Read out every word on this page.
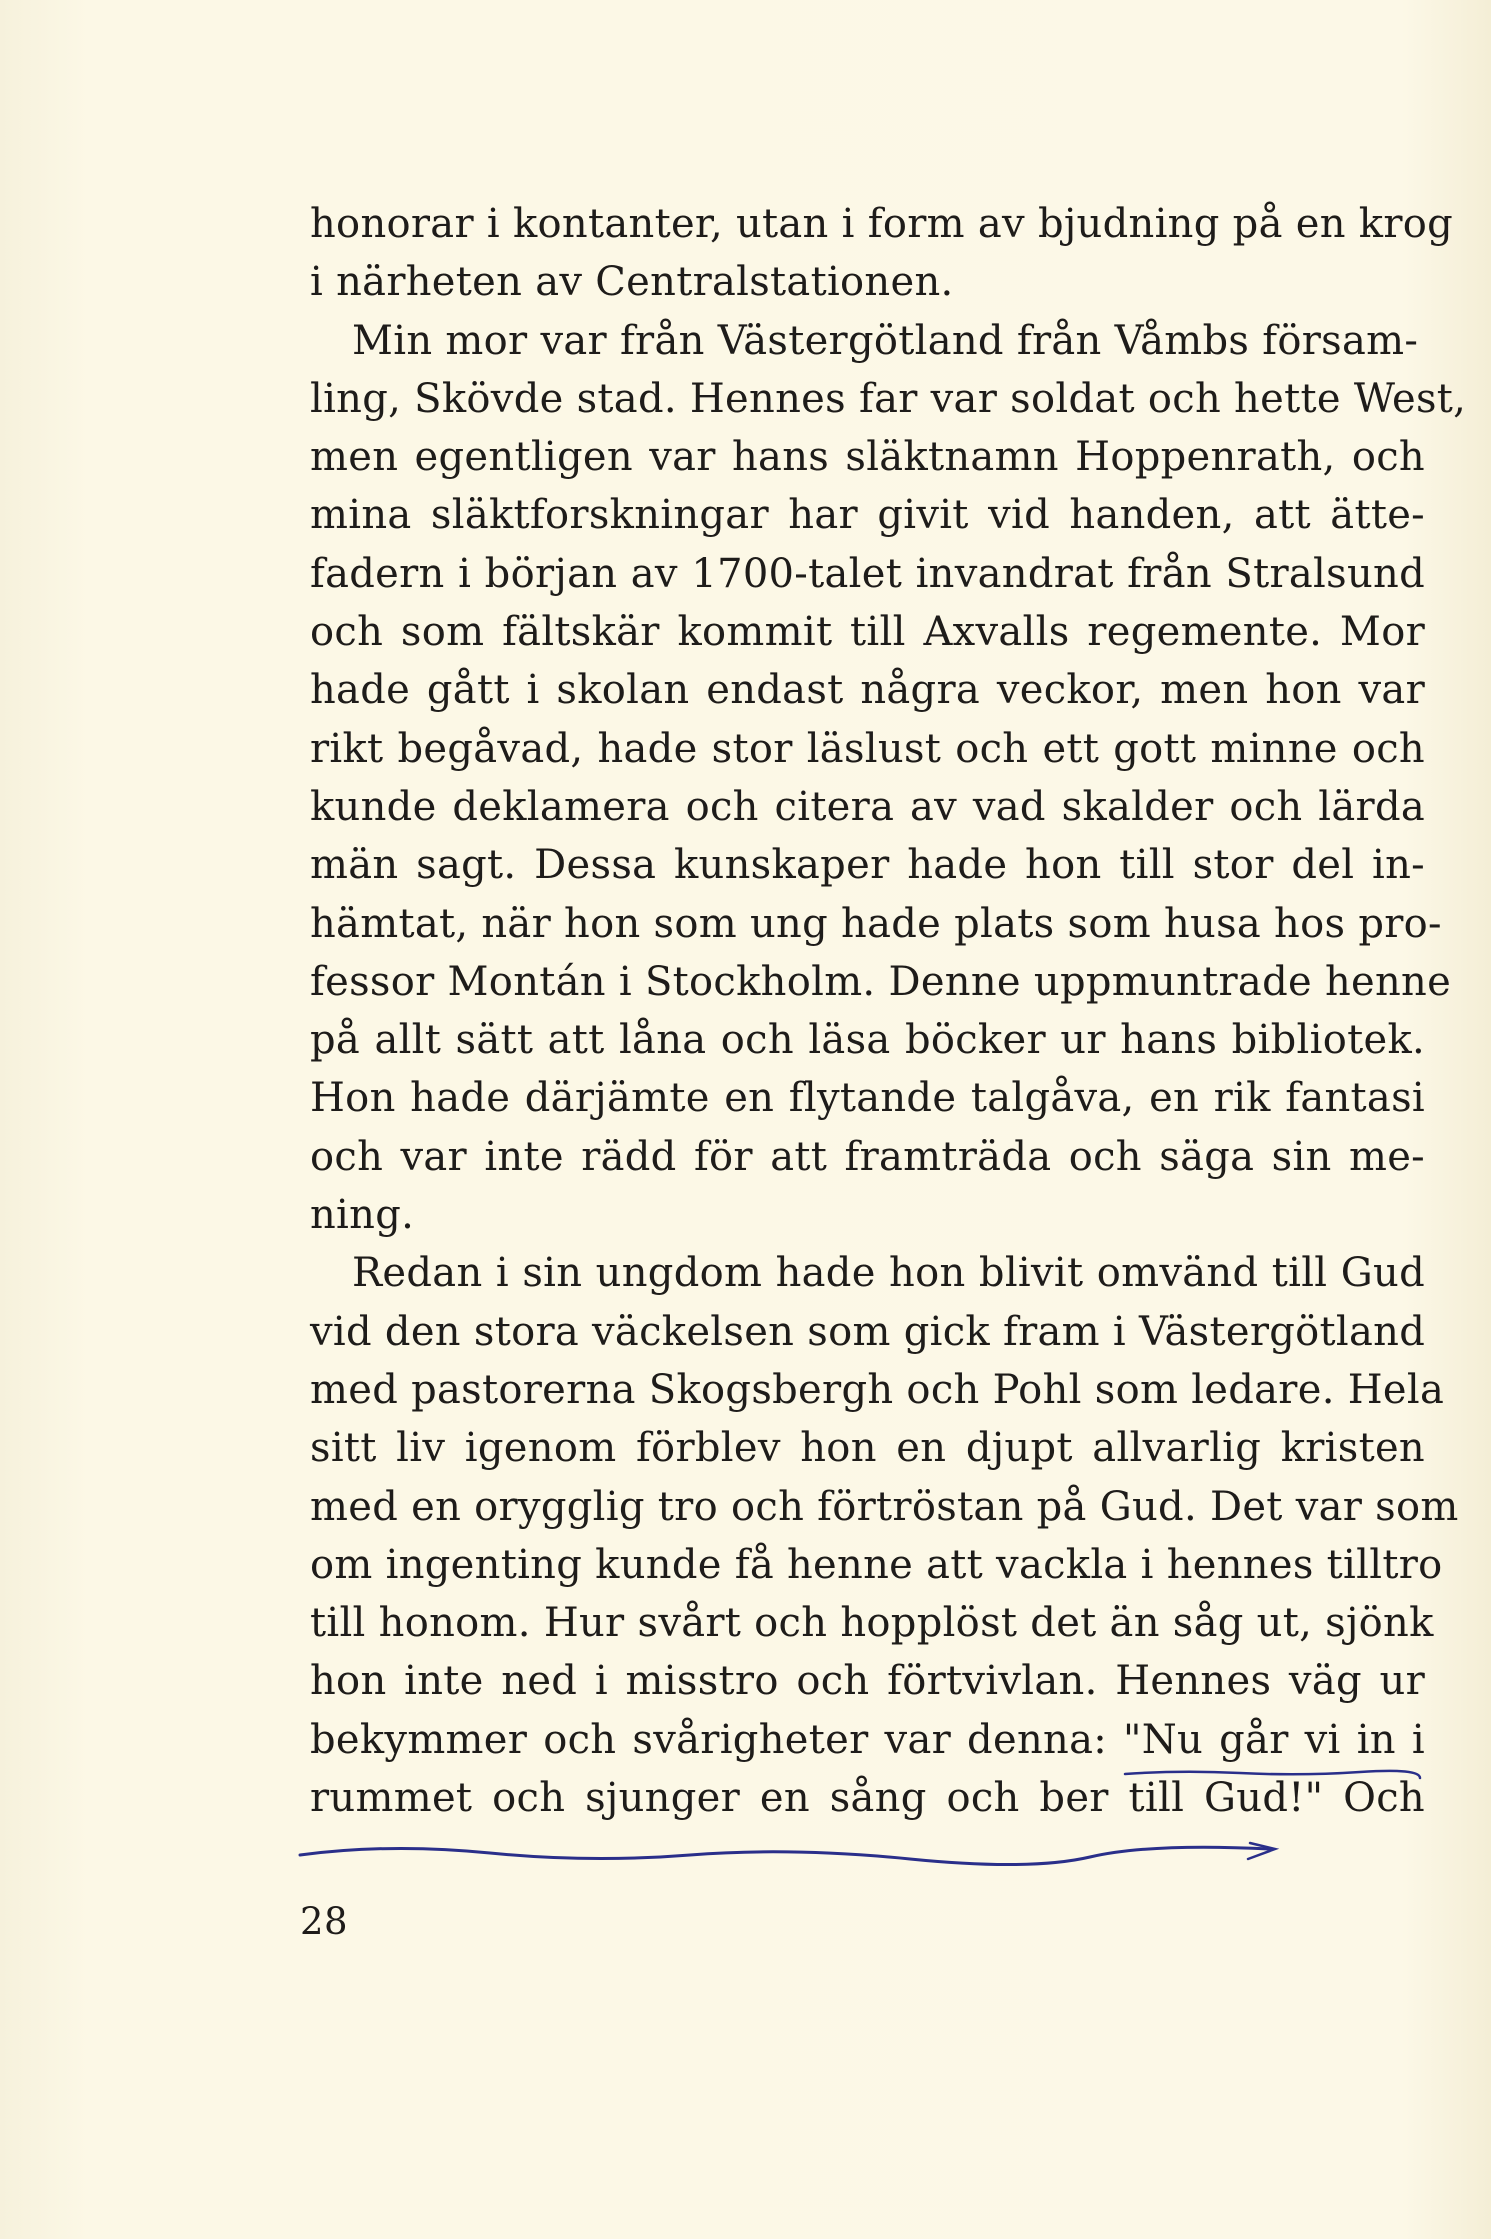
honorar i kontanter, utan i form av bjudning på en krog
i närheten av Centralstationen.
Min mor var från Västergötland från Våmbs försam-
ling, Skövde stad. Hennes far var soldat och hette West,
men egentligen var hans släktnamn Hoppenrath, och
mina släktforskningar har givit vid handen, att ätte-
fadern i början av 1700-talet invandrat från Stralsund
och som fältskär kommit till Axvalls regemente. Mor
hade gått i skolan endast några veckor, men hon var
rikt begåvad, hade stor läslust och ett gott minne och
kunde deklamera och citera av vad skalder och lärda
män sagt. Dessa kunskaper hade hon till stor del in-
hämtat, när hon som ung hade plats som husa hos pro-
fessor Montán i Stockholm. Denne uppmuntrade henne
på allt sätt att låna och läsa böcker ur hans bibliotek.
Hon hade därjämte en flytande talgåva, en rik fantasi
och var inte rädd för att framträda och säga sin me-
ning.
Redan i sin ungdom hade hon blivit omvänd till Gud
vid den stora väckelsen som gick fram i Västergötland
med pastorerna Skogsbergh och Pohl som ledare. Hela
sitt liv igenom förblev hon en djupt allvarlig kristen
med en orygglig tro och förtröstan på Gud. Det var som
om ingenting kunde få henne att vackla i hennes tilltro
till honom. Hur svårt och hopplöst det än såg ut, sjönk
hon inte ned i misstro och förtvivlan. Hennes väg ur
bekymmer och svårigheter var denna: "Nu går vi in i
rummet och sjunger en sång och ber till Gud!" Och
28
